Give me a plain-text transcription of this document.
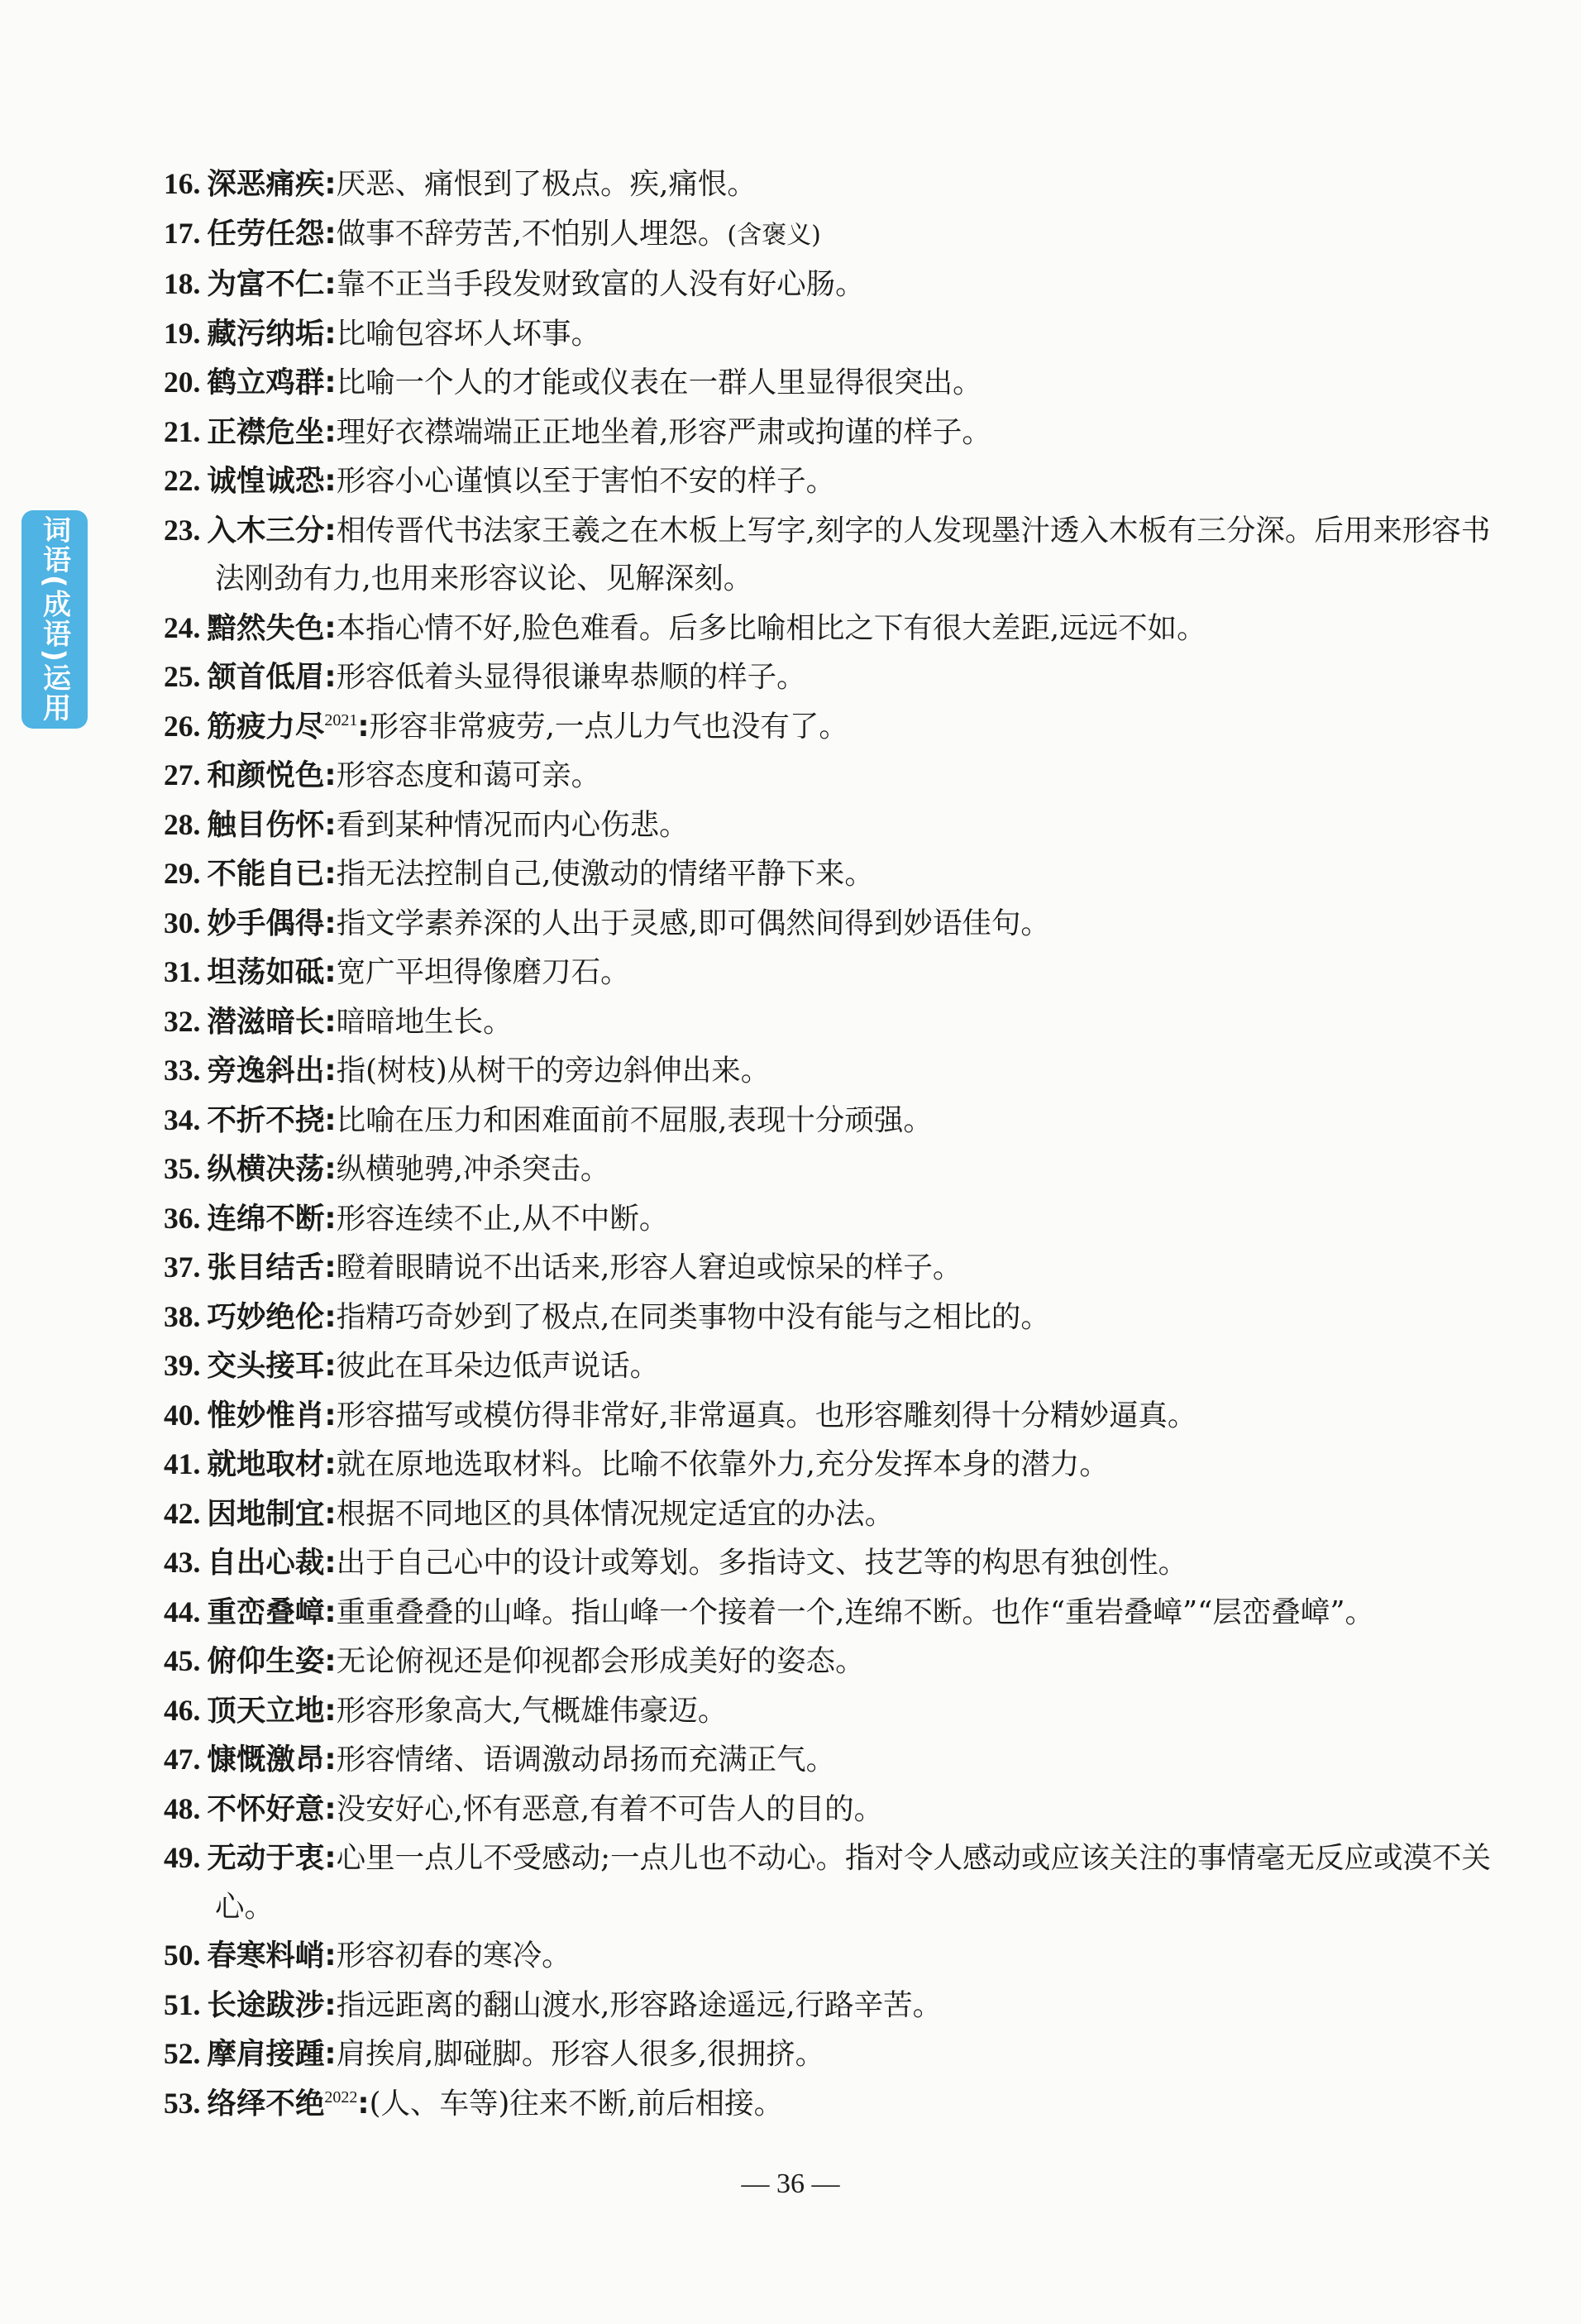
词语(成语)运用
16. 深恶痛疾:厌恶、痛恨到了极点。疾,痛恨。
17. 任劳任怨:做事不辞劳苦,不怕别人埋怨。(含褒义)
18. 为富不仁:靠不正当手段发财致富的人没有好心肠。
19. 藏污纳垢:比喻包容坏人坏事。
20. 鹤立鸡群:比喻一个人的才能或仪表在一群人里显得很突出。
21. 正襟危坐:理好衣襟端端正正地坐着,形容严肃或拘谨的样子。
22. 诚惶诚恐:形容小心谨慎以至于害怕不安的样子。
23. 入木三分:相传晋代书法家王羲之在木板上写字,刻字的人发现墨汁透入木板有三分深。后用来形容书法刚劲有力,也用来形容议论、见解深刻。
24. 黯然失色:本指心情不好,脸色难看。后多比喻相比之下有很大差距,远远不如。
25. 颔首低眉:形容低着头显得很谦卑恭顺的样子。
26. 筋疲力尽$^{2021}$:形容非常疲劳,一点儿力气也没有了。
27. 和颜悦色:形容态度和蔼可亲。
28. 触目伤怀:看到某种情况而内心伤悲。
29. 不能自已:指无法控制自己,使激动的情绪平静下来。
30. 妙手偶得:指文学素养深的人出于灵感,即可偶然间得到妙语佳句。
31. 坦荡如砥:宽广平坦得像磨刀石。
32. 潜滋暗长:暗暗地生长。
33. 旁逸斜出:指(树枝)从树干的旁边斜伸出来。
34. 不折不挠:比喻在压力和困难面前不屈服,表现十分顽强。
35. 纵横决荡:纵横驰骋,冲杀突击。
36. 连绵不断:形容连续不止,从不中断。
37. 张目结舌:瞪着眼睛说不出话来,形容人窘迫或惊呆的样子。
38. 巧妙绝伦:指精巧奇妙到了极点,在同类事物中没有能与之相比的。
39. 交头接耳:彼此在耳朵边低声说话。
40. 惟妙惟肖:形容描写或模仿得非常好,非常逼真。也形容雕刻得十分精妙逼真。
41. 就地取材:就在原地选取材料。比喻不依靠外力,充分发挥本身的潜力。
42. 因地制宜:根据不同地区的具体情况规定适宜的办法。
43. 自出心裁:出于自己心中的设计或筹划。多指诗文、技艺等的构思有独创性。
44. 重峦叠嶂:重重叠叠的山峰。指山峰一个接着一个,连绵不断。也作“重岩叠嶂”“层峦叠嶂”。
45. 俯仰生姿:无论俯视还是仰视都会形成美好的姿态。
46. 顶天立地:形容形象高大,气概雄伟豪迈。
47. 慷慨激昂:形容情绪、语调激动昂扬而充满正气。
48. 不怀好意:没安好心,怀有恶意,有着不可告人的目的。
49. 无动于衷:心里一点儿不受感动;一点儿也不动心。指对令人感动或应该关注的事情毫无反应或漠不关心。
50. 春寒料峭:形容初春的寒冷。
51. 长途跋涉:指远距离的翻山渡水,形容路途遥远,行路辛苦。
52. 摩肩接踵:肩挨肩,脚碰脚。形容人很多,很拥挤。
53. 络绎不绝$^{2022}$:(人、车等)往来不断,前后相接。
— 36 —
